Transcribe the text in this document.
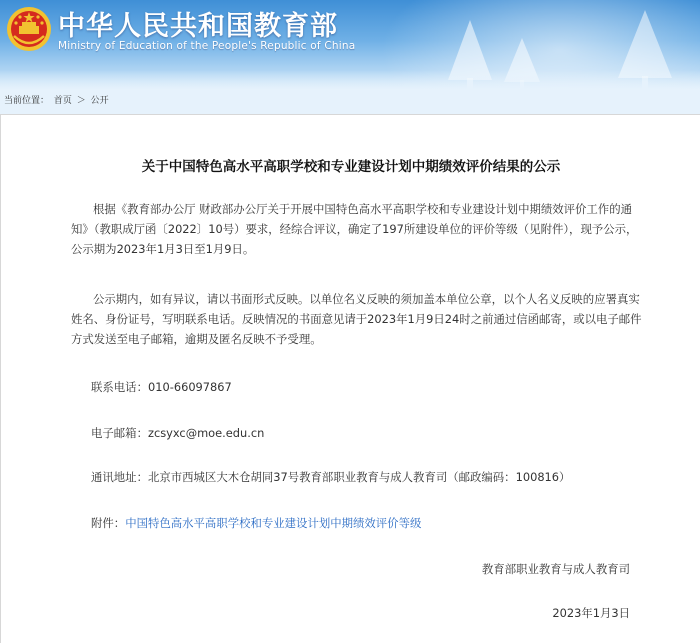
中华人民共和国教育部
Ministry of Education of the People's Republic of China
当前位置： 首页 ＞ 公开
关于中国特色高水平高职学校和专业建设计划中期绩效评价结果的公示
根据《教育部办公厅 财政部办公厅关于开展中国特色高水平高职学校和专业建设计划中期绩效评价工作的通知》（教职成厅函〔2022〕10号）要求，经综合评议，确定了197所建设单位的评价等级（见附件），现予公示，公示期为2023年1月3日至1月9日。
公示期内，如有异议，请以书面形式反映。以单位名义反映的须加盖本单位公章，以个人名义反映的应署真实姓名、身份证号，写明联系电话。反映情况的书面意见请于2023年1月9日24时之前通过信函邮寄，或以电子邮件方式发送至电子邮箱，逾期及匿名反映不予受理。
联系电话：010-66097867
电子邮箱：zcsyxc@moe.edu.cn
通讯地址：北京市西城区大木仓胡同37号教育部职业教育与成人教育司（邮政编码：100816）
附件：中国特色高水平高职学校和专业建设计划中期绩效评价等级
教育部职业教育与成人教育司
2023年1月3日
